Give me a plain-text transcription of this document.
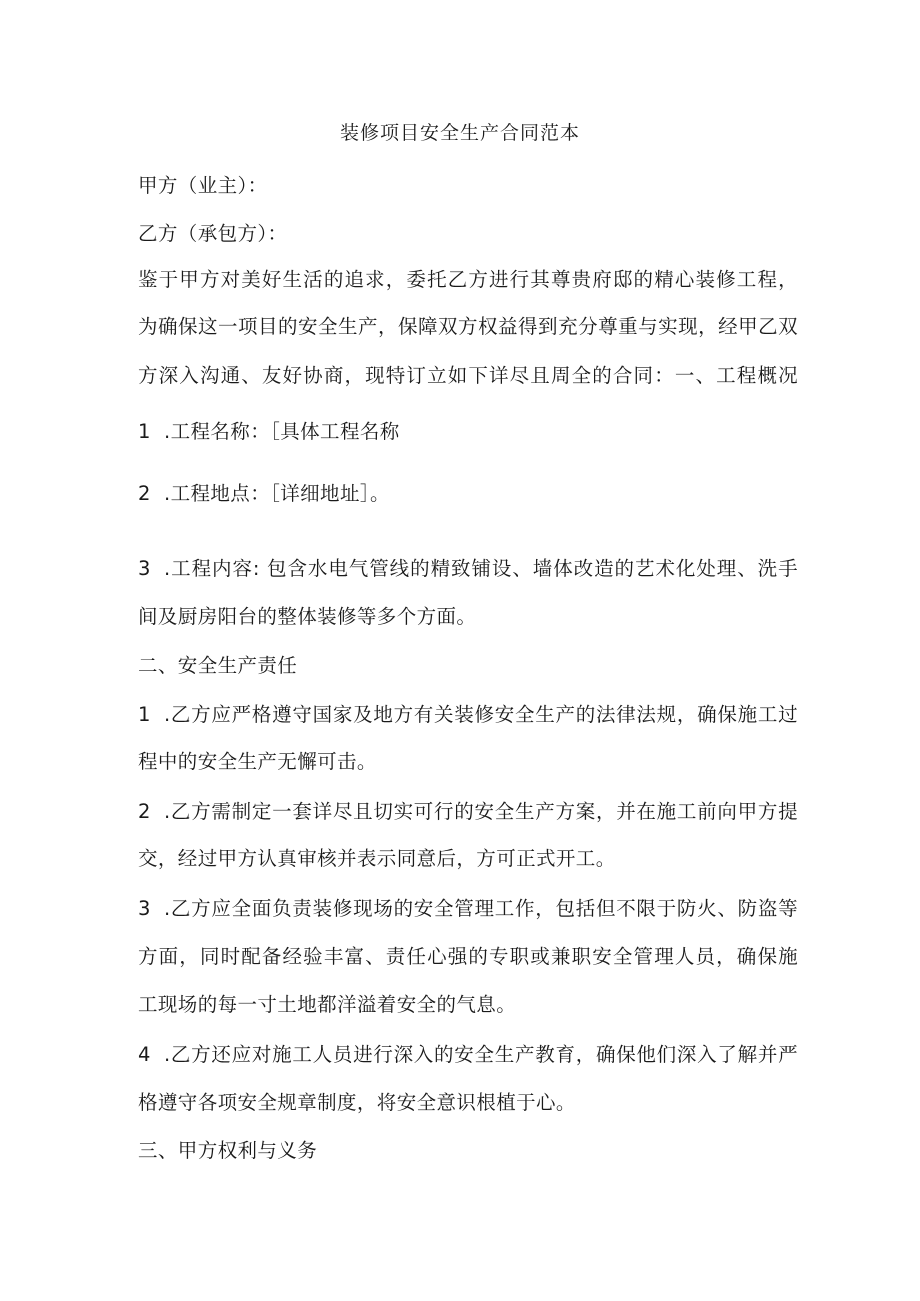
装修项目安全生产合同范本
甲方（业主）：
乙方（承包方）：
鉴于甲方对美好生活的追求，委托乙方进行其尊贵府邸的精心装修工程，
为确保这一项目的安全生产，保障双方权益得到充分尊重与实现，经甲乙双
方深入沟通、友好协商，现特订立如下详尽且周全的合同：一、工程概况
1 .工程名称：［具体工程名称
2 .工程地点：［详细地址］。
3 .工程内容: 包含水电气管线的精致铺设、墙体改造的艺术化处理、洗手
间及厨房阳台的整体装修等多个方面。
二、安全生产责任
1 .乙方应严格遵守国家及地方有关装修安全生产的法律法规，确保施工过
程中的安全生产无懈可击。
2 .乙方需制定一套详尽且切实可行的安全生产方案，并在施工前向甲方提
交，经过甲方认真审核并表示同意后，方可正式开工。
3 .乙方应全面负责装修现场的安全管理工作，包括但不限于防火、防盗等
方面，同时配备经验丰富、责任心强的专职或兼职安全管理人员，确保施
工现场的每一寸土地都洋溢着安全的气息。
4 .乙方还应对施工人员进行深入的安全生产教育，确保他们深入了解并严
格遵守各项安全规章制度，将安全意识根植于心。
三、甲方权利与义务
